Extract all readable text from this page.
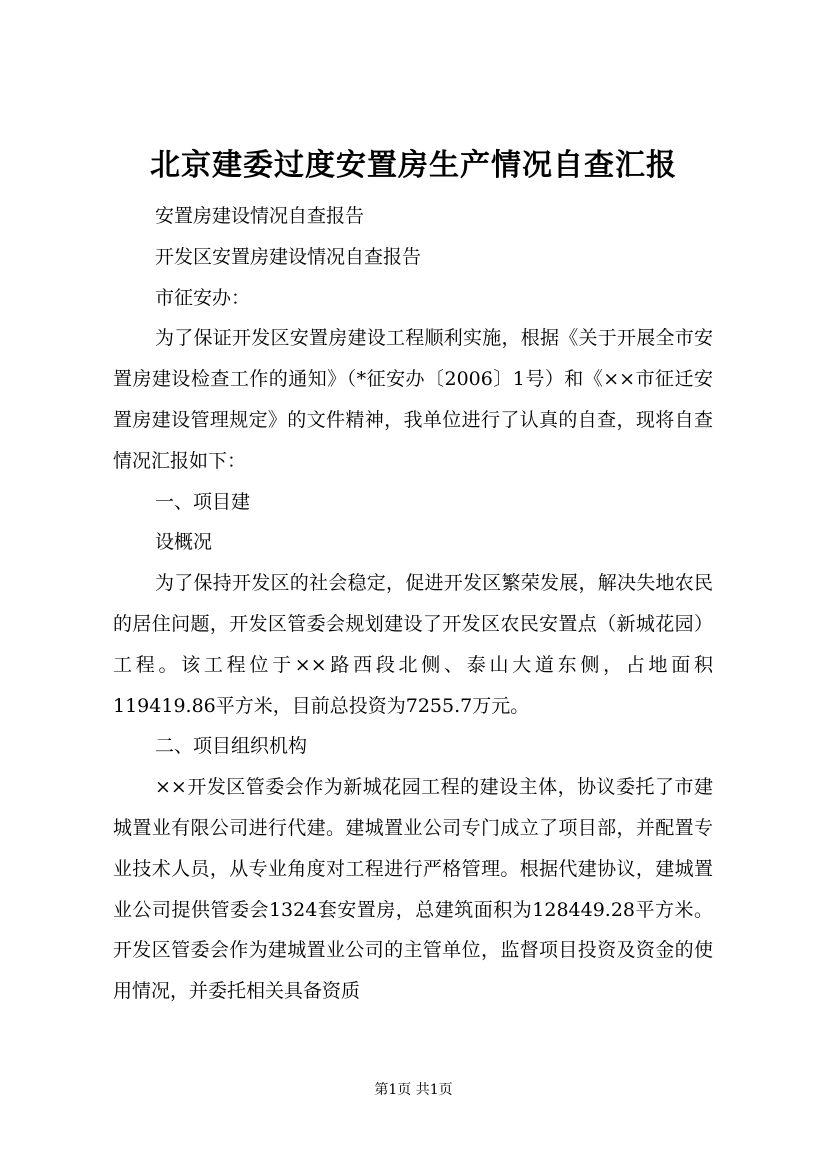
北京建委过度安置房生产情况自查汇报

安置房建设情况自查报告

开发区安置房建设情况自查报告

市征安办：

为了保证开发区安置房建设工程顺利实施，根据《关于开展全市安置房建设检查工作的通知》（*征安办〔2006〕1号）和《××市征迁安置房建设管理规定》的文件精神，我单位进行了认真的自查，现将自查情况汇报如下：

一、项目建

设概况

为了保持开发区的社会稳定，促进开发区繁荣发展，解决失地农民的居住问题，开发区管委会规划建设了开发区农民安置点（新城花园）工程。该工程位于××路西段北侧、泰山大道东侧，占地面积119419.86平方米，目前总投资为7255.7万元。

二、项目组织机构

××开发区管委会作为新城花园工程的建设主体，协议委托了市建城置业有限公司进行代建。建城置业公司专门成立了项目部，并配置专业技术人员，从专业角度对工程进行严格管理。根据代建协议，建城置业公司提供管委会1324套安置房，总建筑面积为128449.28平方米。开发区管委会作为建城置业公司的主管单位，监督项目投资及资金的使用情况，并委托相关具备资质

第1页 共1页
